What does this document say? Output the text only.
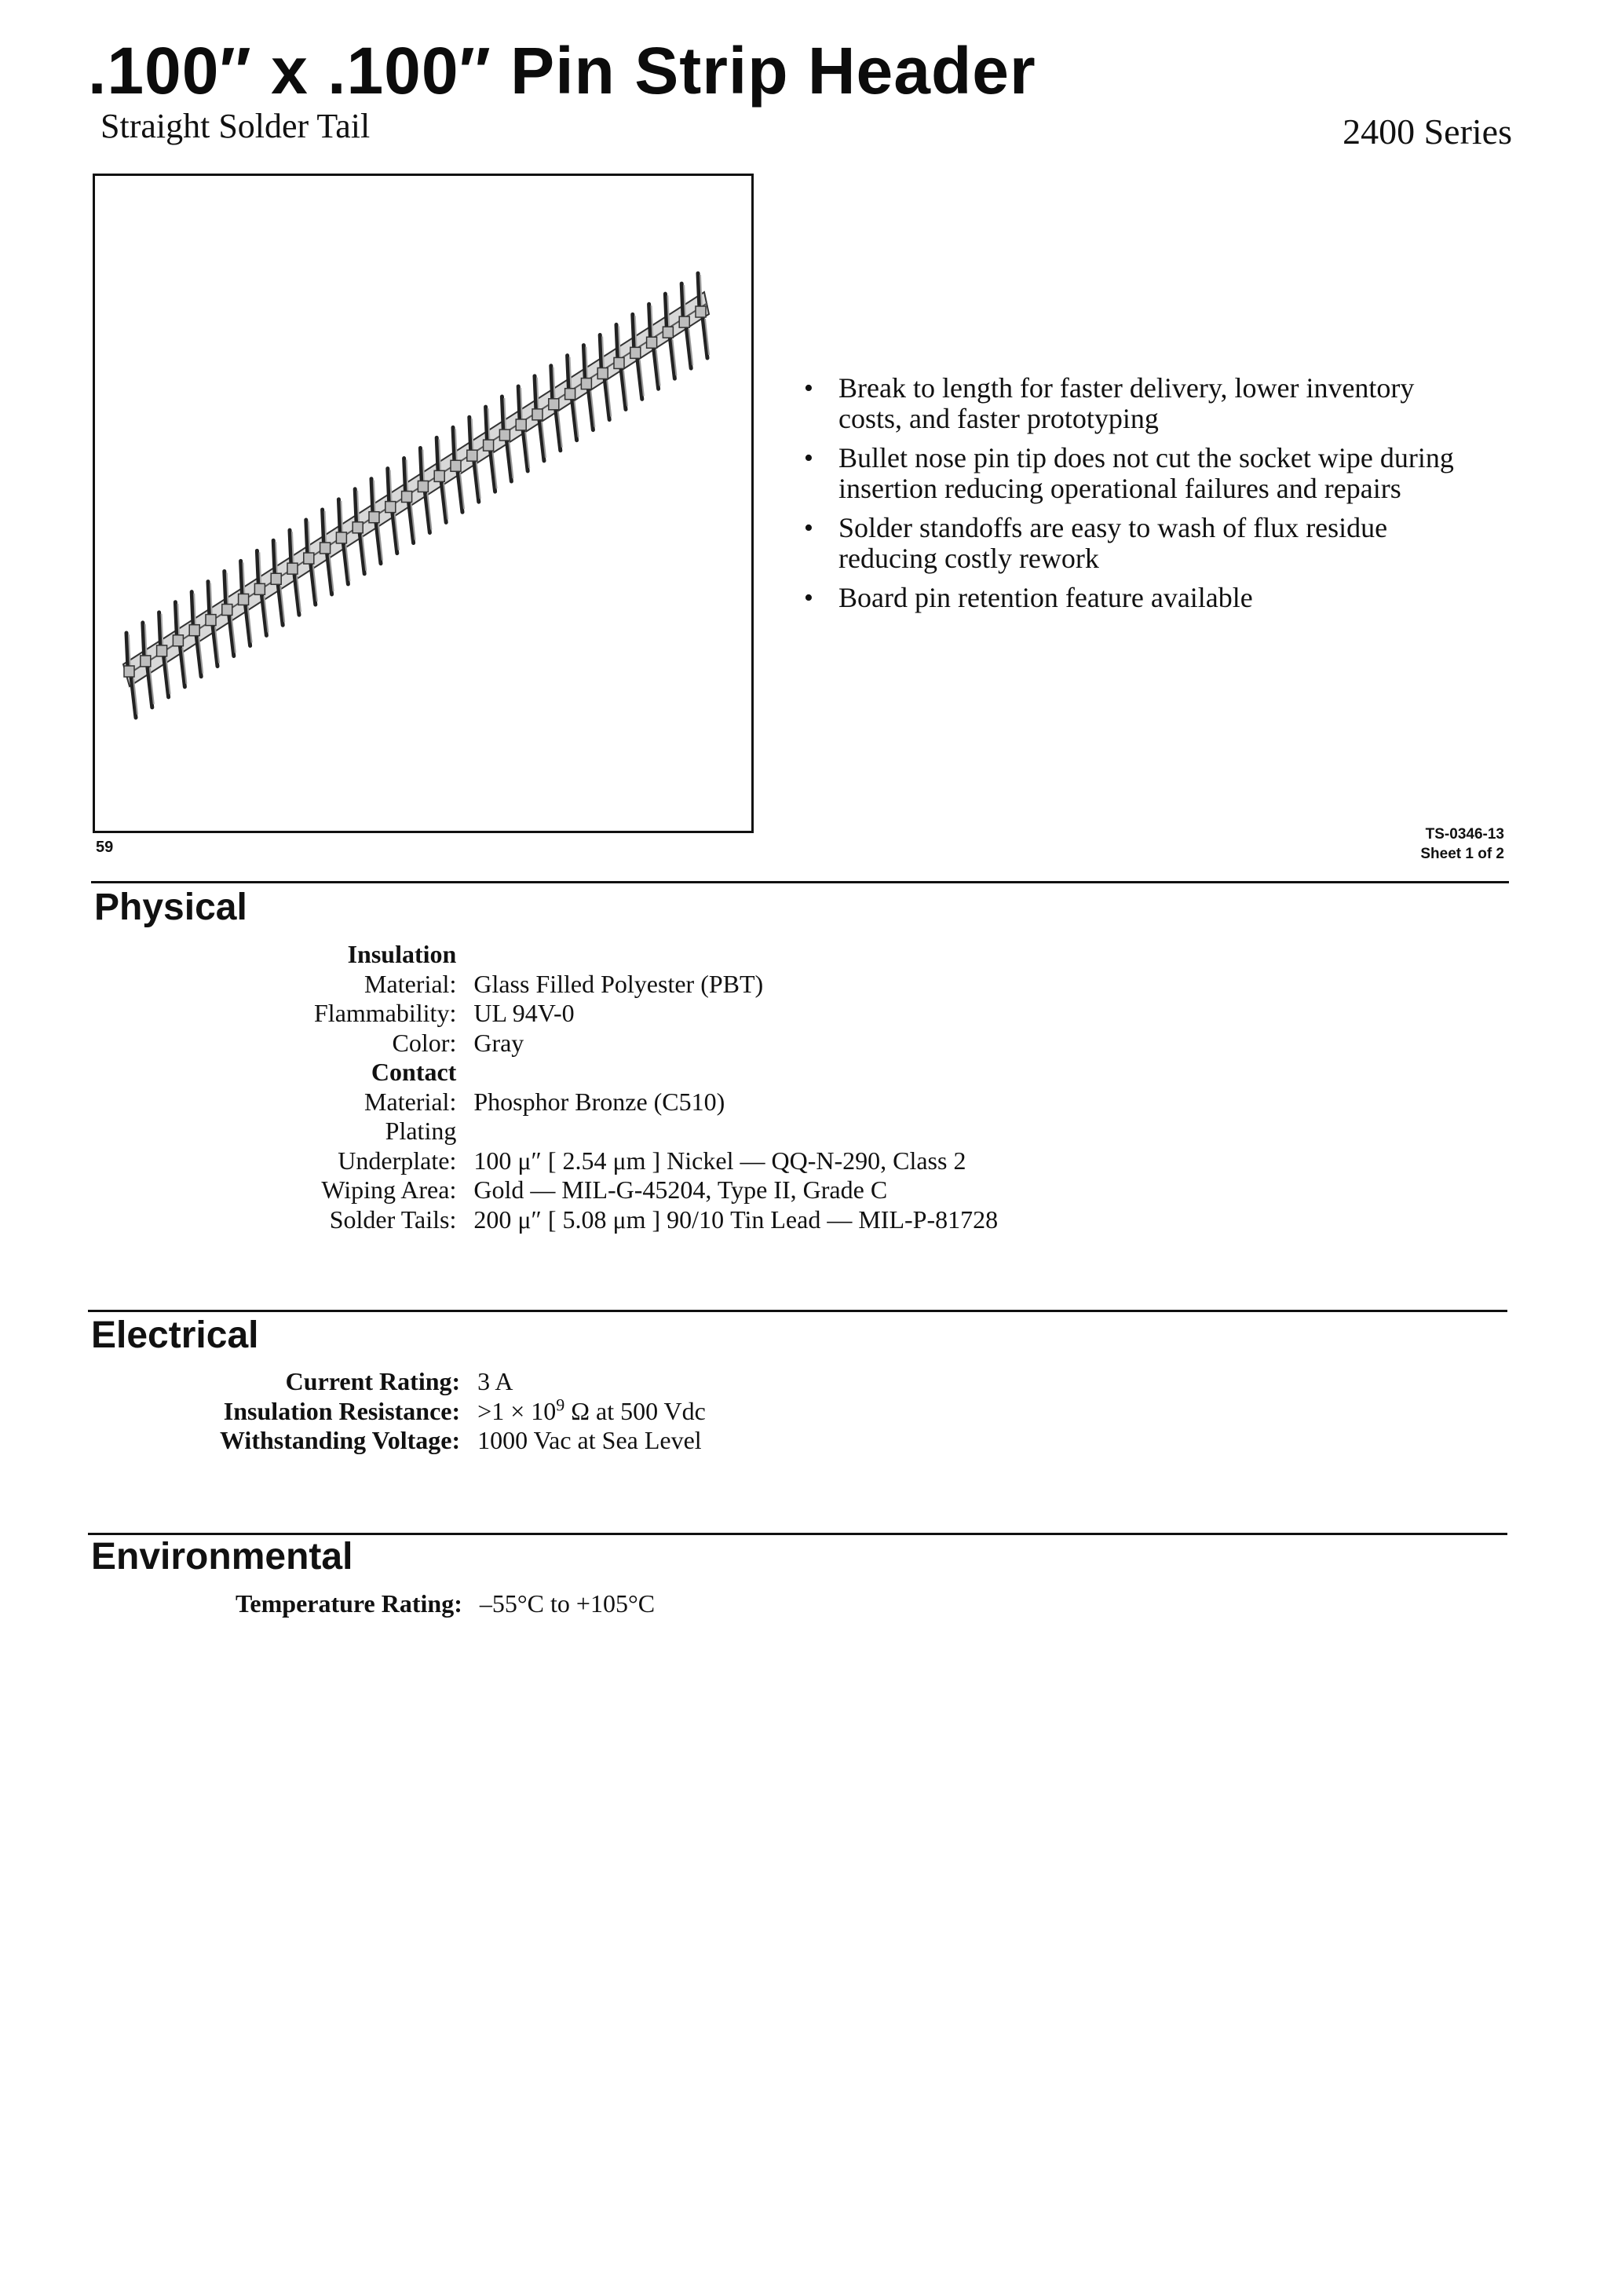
.100″ x .100″ Pin Strip Header
Straight Solder Tail	2400 Series
59
TS-0346-13
Sheet 1 of 2
• Break to length for faster delivery, lower inventory costs, and faster prototyping
• Bullet nose pin tip does not cut the socket wipe during insertion reducing operational failures and repairs
• Solder standoffs are easy to wash of flux residue reducing costly rework
• Board pin retention feature available
Physical
Insulation	
Material:	Glass Filled Polyester (PBT)
Flammability:	UL 94V-0
Color:	Gray
Contact	
Material:	Phosphor Bronze (C510)
Plating	
Underplate:	100 μ″ [ 2.54 μm ] Nickel — QQ-N-290, Class 2
Wiping Area:	Gold — MIL-G-45204, Type II, Grade C
Solder Tails:	200 μ″ [ 5.08 μm ] 90/10 Tin Lead — MIL-P-81728
Electrical
Current Rating:	3 A
Insulation Resistance:	$>1 \times 10^9$ Ω at 500 Vdc
Withstanding Voltage:	1000 Vac at Sea Level
Environmental
Temperature Rating:	–55°C to +105°C
